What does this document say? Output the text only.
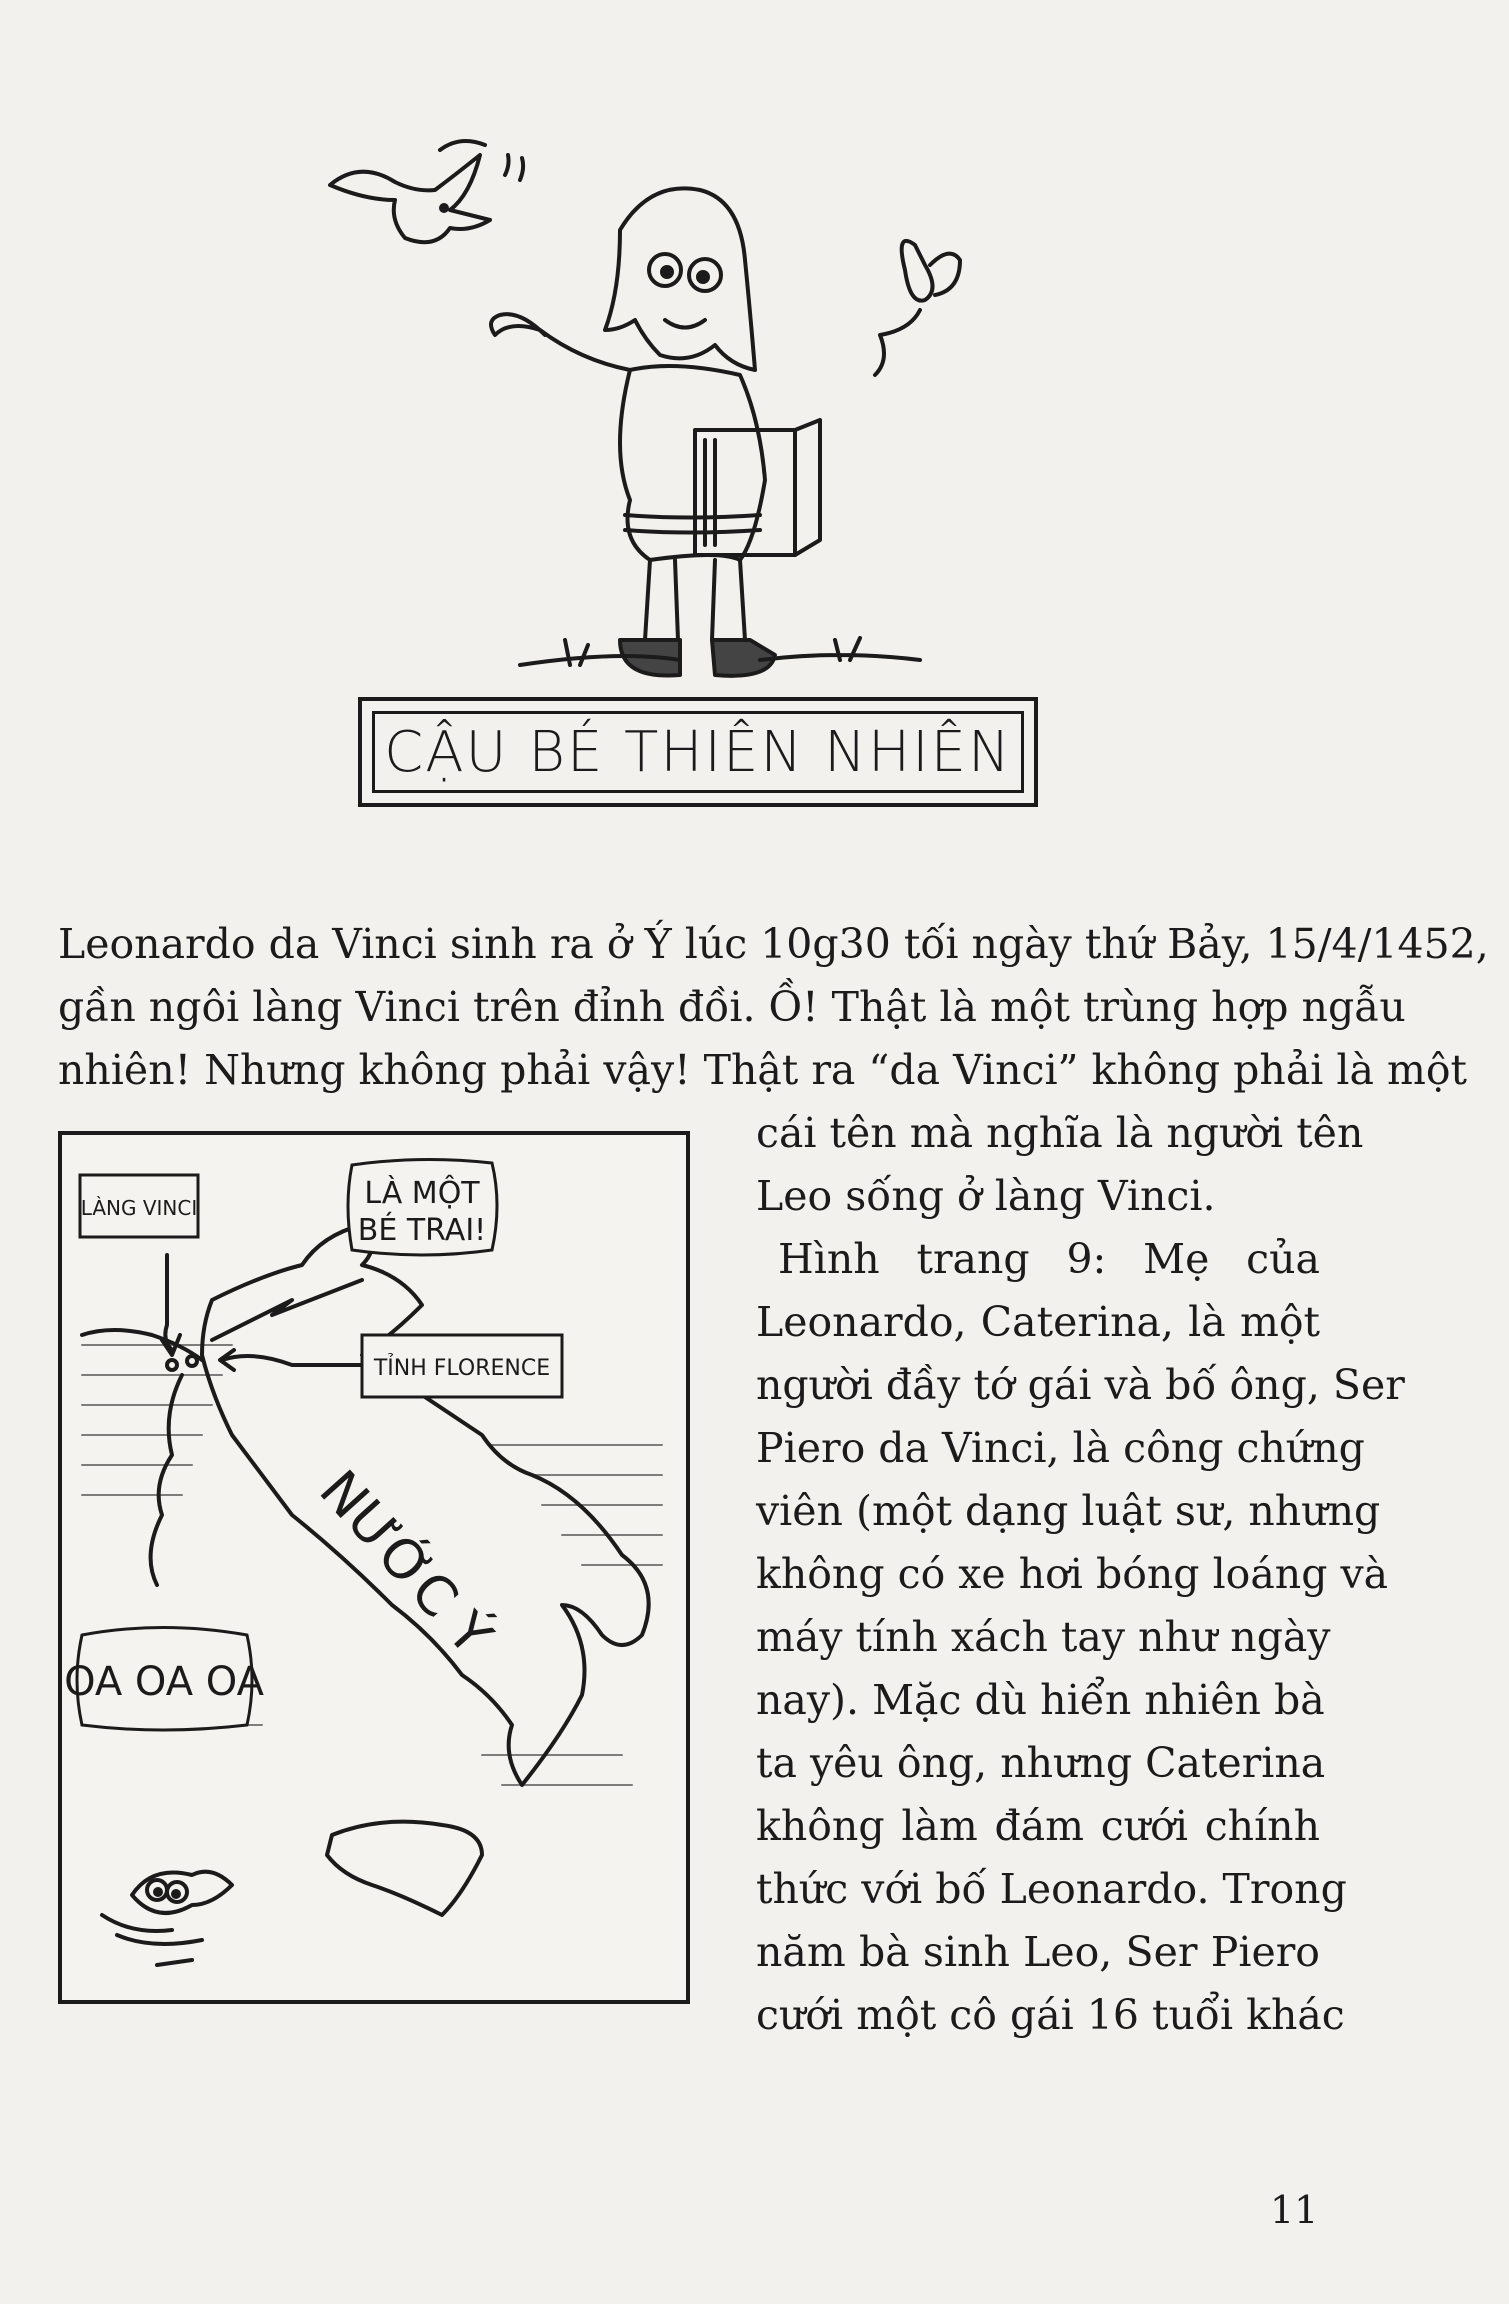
CẬU BÉ THIÊN NHIÊN
Leonardo da Vinci sinh ra ở Ý lúc 10g30 tối ngày thứ Bảy, 15/4/1452,
gần ngôi làng Vinci trên đỉnh đồi. Ồ! Thật là một trùng hợp ngẫu
nhiên! Nhưng không phải vậy! Thật ra “da Vinci” không phải là một
cái tên mà nghĩa là người tên
Leo sống ở làng Vinci.
Hình trang 9: Mẹ của
Leonardo, Caterina, là một
người đầy tớ gái và bố ông, Ser
Piero da Vinci, là công chứng
viên (một dạng luật sư, nhưng
không có xe hơi bóng loáng và
máy tính xách tay như ngày
nay). Mặc dù hiển nhiên bà
ta yêu ông, nhưng Caterina
không làm đám cưới chính
thức với bố Leonardo. Trong
năm bà sinh Leo, Ser Piero
cưới một cô gái 16 tuổi khác
LÀNG VINCI	LÀ MỘT
BÉ TRAI!
TỈNH FLORENCE
NƯỚC Ý
OA OA OA
11
